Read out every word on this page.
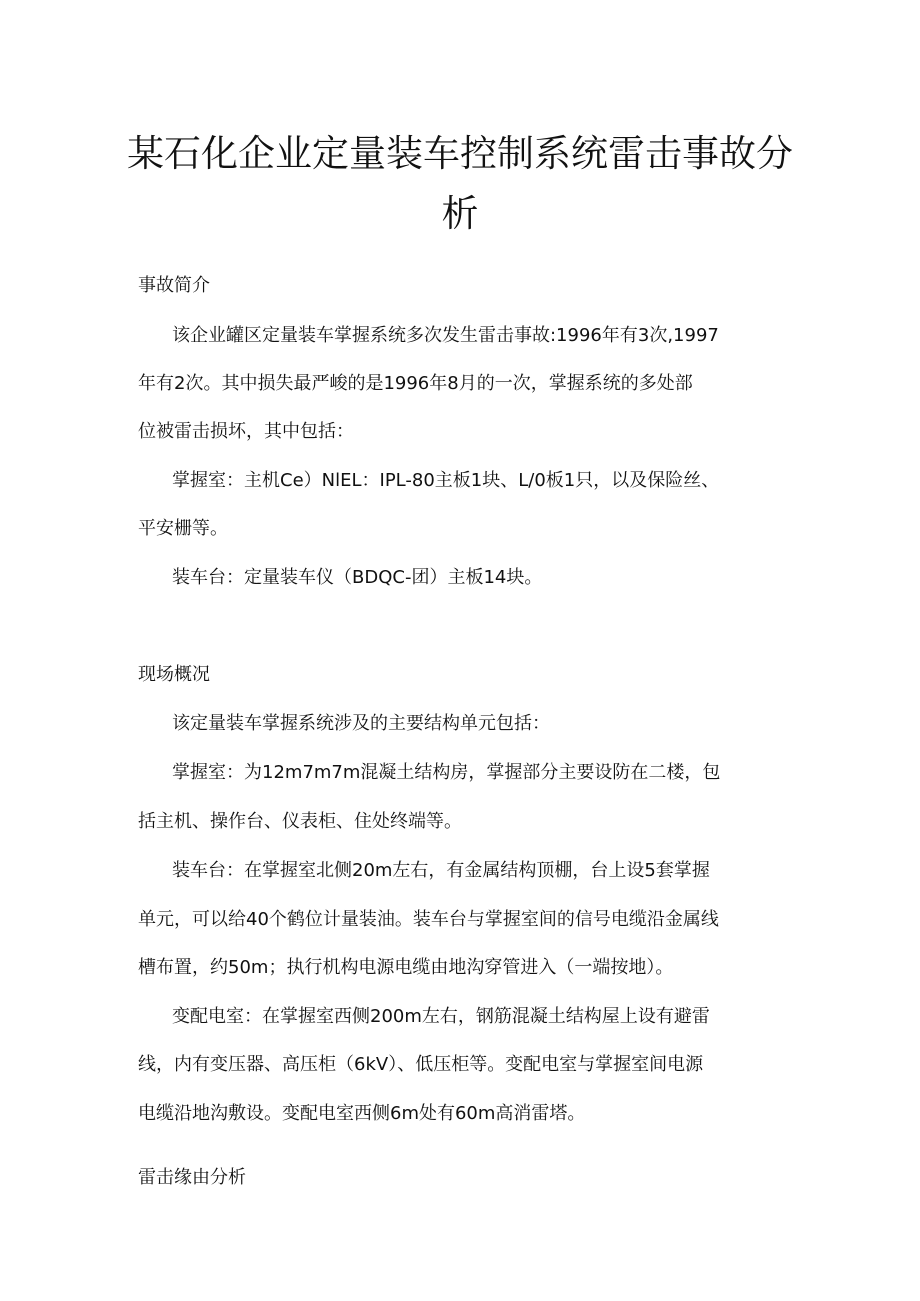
某石化企业定量装车控制系统雷击事故分
析
事故简介

该企业罐区定量装车掌握系统多次发生雷击事故:1996年有3次,1997

年有2次。其中损失最严峻的是1996年8月的一次，掌握系统的多处部

位被雷击损坏，其中包括：

掌握室：主机Ce）NlEL：IPL-80主板1块、L/0板1只，以及保险丝、

平安栅等。

装车台：定量装车仪（BDQC-团）主板14块。

现场概况

该定量装车掌握系统涉及的主要结构单元包括：

掌握室：为12m7m7m混凝土结构房，掌握部分主要设防在二楼，包

括主机、操作台、仪表柜、住处终端等。

装车台：在掌握室北侧20m左右，有金属结构顶棚，台上设5套掌握

单元，可以给40个鹤位计量装油。装车台与掌握室间的信号电缆沿金属线

槽布置，约50m；执行机构电源电缆由地沟穿管进入（一端按地）。

变配电室：在掌握室西侧200m左右，钢筋混凝土结构屋上设有避雷

线，内有变压器、高压柜（6kV）、低压柜等。变配电室与掌握室间电源

电缆沿地沟敷设。变配电室西侧6m处有60m高消雷塔。

雷击缘由分析
